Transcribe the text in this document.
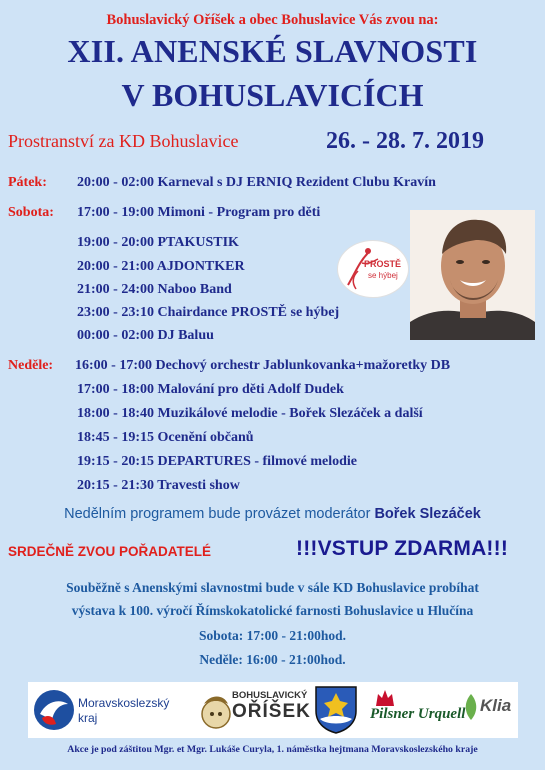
Bohuslavický Oříšek a obec Bohuslavice Vás zvou na:
XII. ANENSKÉ SLAVNOSTI
V BOHUSLAVICÍCH
Prostranství za KD Bohuslavice	26. - 28. 7. 2019
Pátek: 20:00 - 02:00 Karneval s DJ ERNIQ Rezident Clubu Kravín
Sobota: 17:00 - 19:00 Mimoni - Program pro děti
19:00 - 20:00 PTAKUSTIK
20:00 - 21:00 AJDONTKER
21:00 - 24:00 Naboo Band
23:00 - 23:10 Chairdance PROSTĚ se hýbej
00:00 - 02:00 DJ Baluu
PROSTĚ
se hýbej
Neděle: 16:00 - 17:00 Dechový orchestr Jablunkovanka+mažoretky DB
17:00 - 18:00 Malování pro děti Adolf Dudek
18:00 - 18:40 Muzikálové melodie - Bořek Slezáček a další
18:45 - 19:15 Ocenění občanů
19:15 - 20:15 DEPARTURES - filmové melodie
20:15 - 21:30 Travesti show
Nedělním programem bude provázet moderátor Bořek Slezáček
SRDEČNĚ ZVOU POŘADATELÉ	!!!VSTUP ZDARMA!!!
Souběžně s Anenskými slavnostmi bude v sále KD Bohuslavice probíhat
výstava k 100. výročí Římskokatolické farnosti Bohuslavice u Hlučína
Sobota: 17:00 - 21:00hod.
Neděle: 16:00 - 21:00hod.
Moravskoslezský
kraj
BOHUSLAVICKÝ
OŘÍŠEK	Pilsner Urquell Klia
Akce je pod záštitou Mgr. et Mgr. Lukáše Curyla, 1. náměstka hejtmana Moravskoslezského kraje
